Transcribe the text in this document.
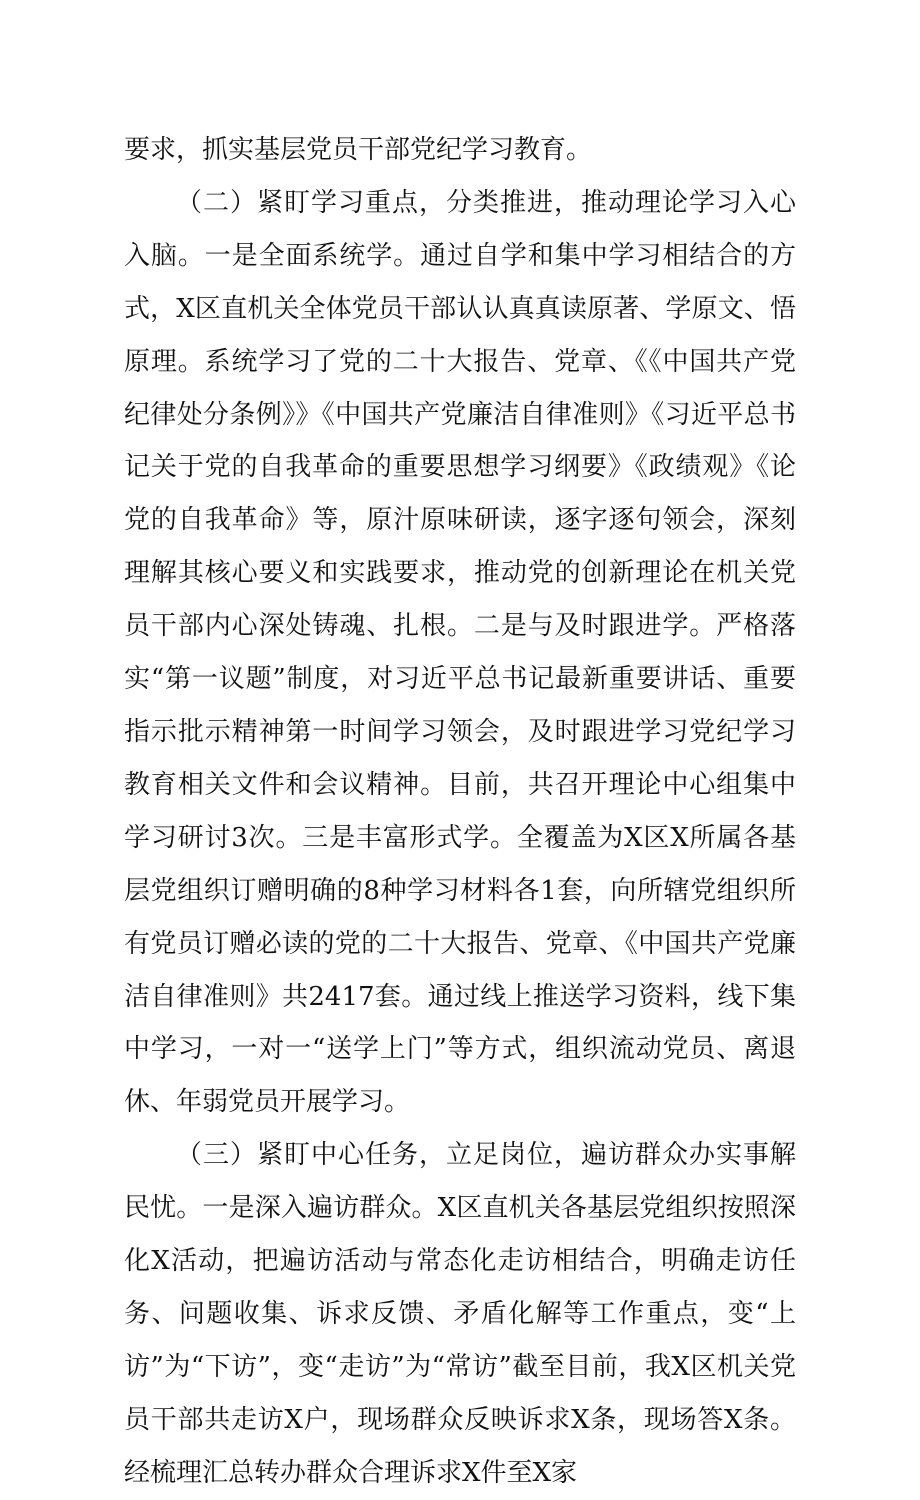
要求，抓实基层党员干部党纪学习教育。

（二）紧盯学习重点，分类推进，推动理论学习入心入脑。一是全面系统学。通过自学和集中学习相结合的方式，X区直机关全体党员干部认认真真读原著、学原文、悟原理。系统学习了党的二十大报告、党章、《《中国共产党纪律处分条例》》《中国共产党廉洁自律准则》《习近平总书记关于党的自我革命的重要思想学习纲要》《政绩观》《论党的自我革命》等，原汁原味研读，逐字逐句领会，深刻理解其核心要义和实践要求，推动党的创新理论在机关党员干部内心深处铸魂、扎根。二是与及时跟进学。严格落实“第一议题”制度，对习近平总书记最新重要讲话、重要指示批示精神第一时间学习领会，及时跟进学习党纪学习教育相关文件和会议精神。目前，共召开理论中心组集中学习研讨3次。三是丰富形式学。全覆盖为X区X所属各基层党组织订赠明确的8种学习材料各1套，向所辖党组织所有党员订赠必读的党的二十大报告、党章、《中国共产党廉洁自律准则》共2417套。通过线上推送学习资料，线下集中学习，一对一“送学上门”等方式，组织流动党员、离退休、年弱党员开展学习。

（三）紧盯中心任务，立足岗位，遍访群众办实事解民忧。一是深入遍访群众。X区直机关各基层党组织按照深化X活动，把遍访活动与常态化走访相结合，明确走访任务、问题收集、诉求反馈、矛盾化解等工作重点，变“上访”为“下访”，变“走访”为“常访”截至目前，我X区机关党员干部共走访X户，现场群众反映诉求X条，现场答X条。经梳理汇总转办群众合理诉求X件至X家
